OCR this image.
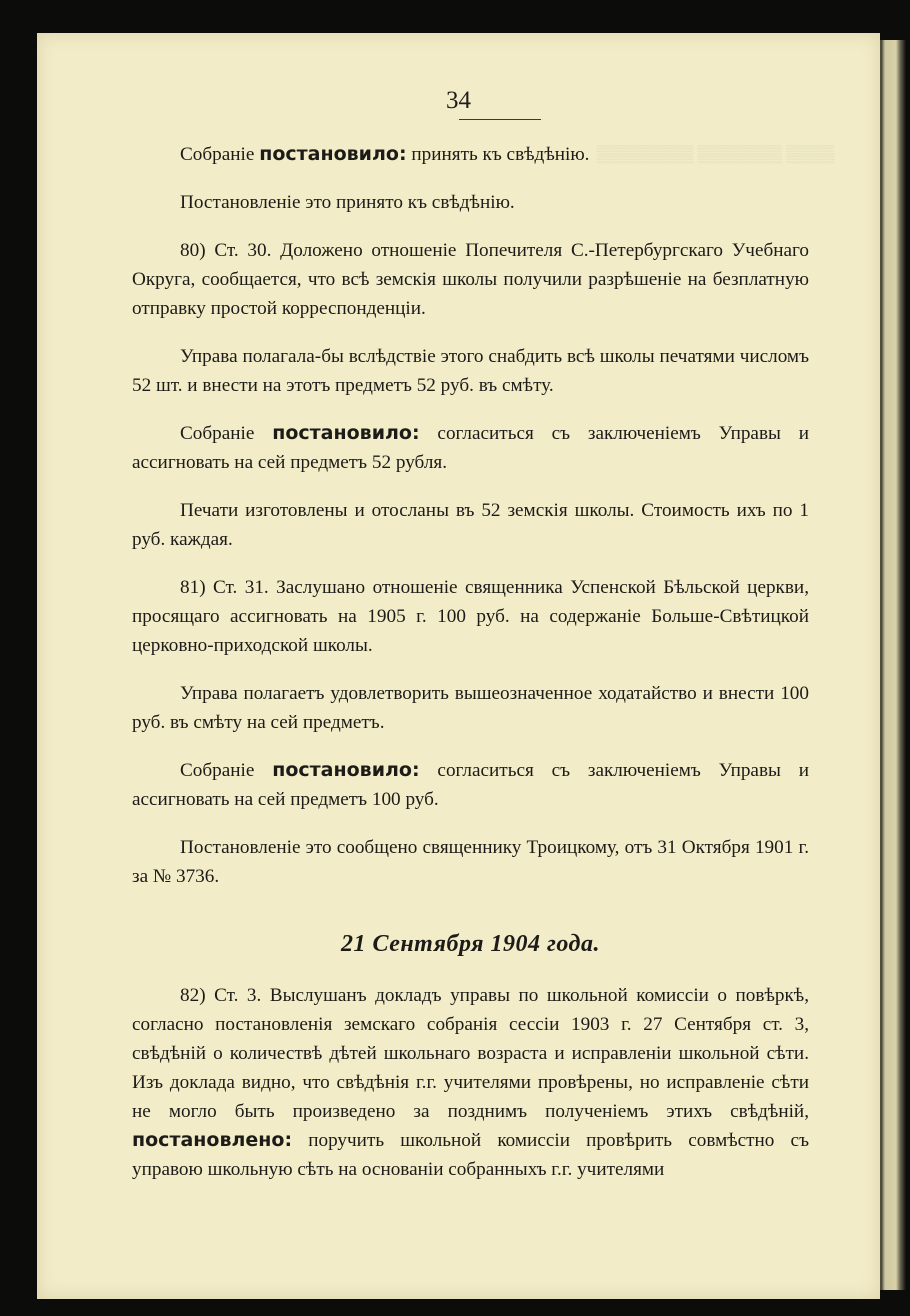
▒▒▒▒ ▒▒▒▒▒▒▒ ▒▒▒▒▒▒▒▒
34

Собраніе постановило: принять къ свѣдѣнію.

Постановленіе это принято къ свѣдѣнію.

80) Ст. 30. Доложено отношеніе Попечителя С.-Петербургскаго Учебнаго Округа, сообщается, что всѣ земскія школы получили разрѣшеніе на безплатную отправку простой корреспонденціи.

Управа полагала-бы вслѣдствіе этого снабдить всѣ школы печатями числомъ 52 шт. и внести на этотъ предметъ 52 руб. въ смѣту.

Собраніе постановило: согласиться съ заключеніемъ Управы и ассигновать на сей предметъ 52 рубля.

Печати изготовлены и отосланы въ 52 земскія школы. Стоимость ихъ по 1 руб. каждая.

81) Ст. 31. Заслушано отношеніе священника Успенской Бѣльской церкви, просящаго ассигновать на 1905 г. 100 руб. на содержаніе Больше-Свѣтицкой церковно-приходской школы.

Управа полагаетъ удовлетворить вышеозначенное ходатайство и внести 100 руб. въ смѣту на сей предметъ.

Собраніе постановило: согласиться съ заключеніемъ Управы и ассигновать на сей предметъ 100 руб.

Постановленіе это сообщено священнику Троицкому, отъ 31 Октября 1901 г. за № 3736.

21 Сентября 1904 года.

82) Ст. 3. Выслушанъ докладъ управы по школьной комиссіи о повѣркѣ, согласно постановленія земскаго собранія сессіи 1903 г. 27 Сентября ст. 3, свѣдѣній о количествѣ дѣтей школьнаго возраста и исправленіи школьной сѣти. Изъ доклада видно, что свѣдѣнія г.г. учителями провѣрены, но исправленіе сѣти не могло быть произведено за позднимъ полученіемъ этихъ свѣдѣній, постановлено: поручить школьной комиссіи провѣрить совмѣстно съ управою школьную сѣть на основаніи собранныхъ г.г. учителями
